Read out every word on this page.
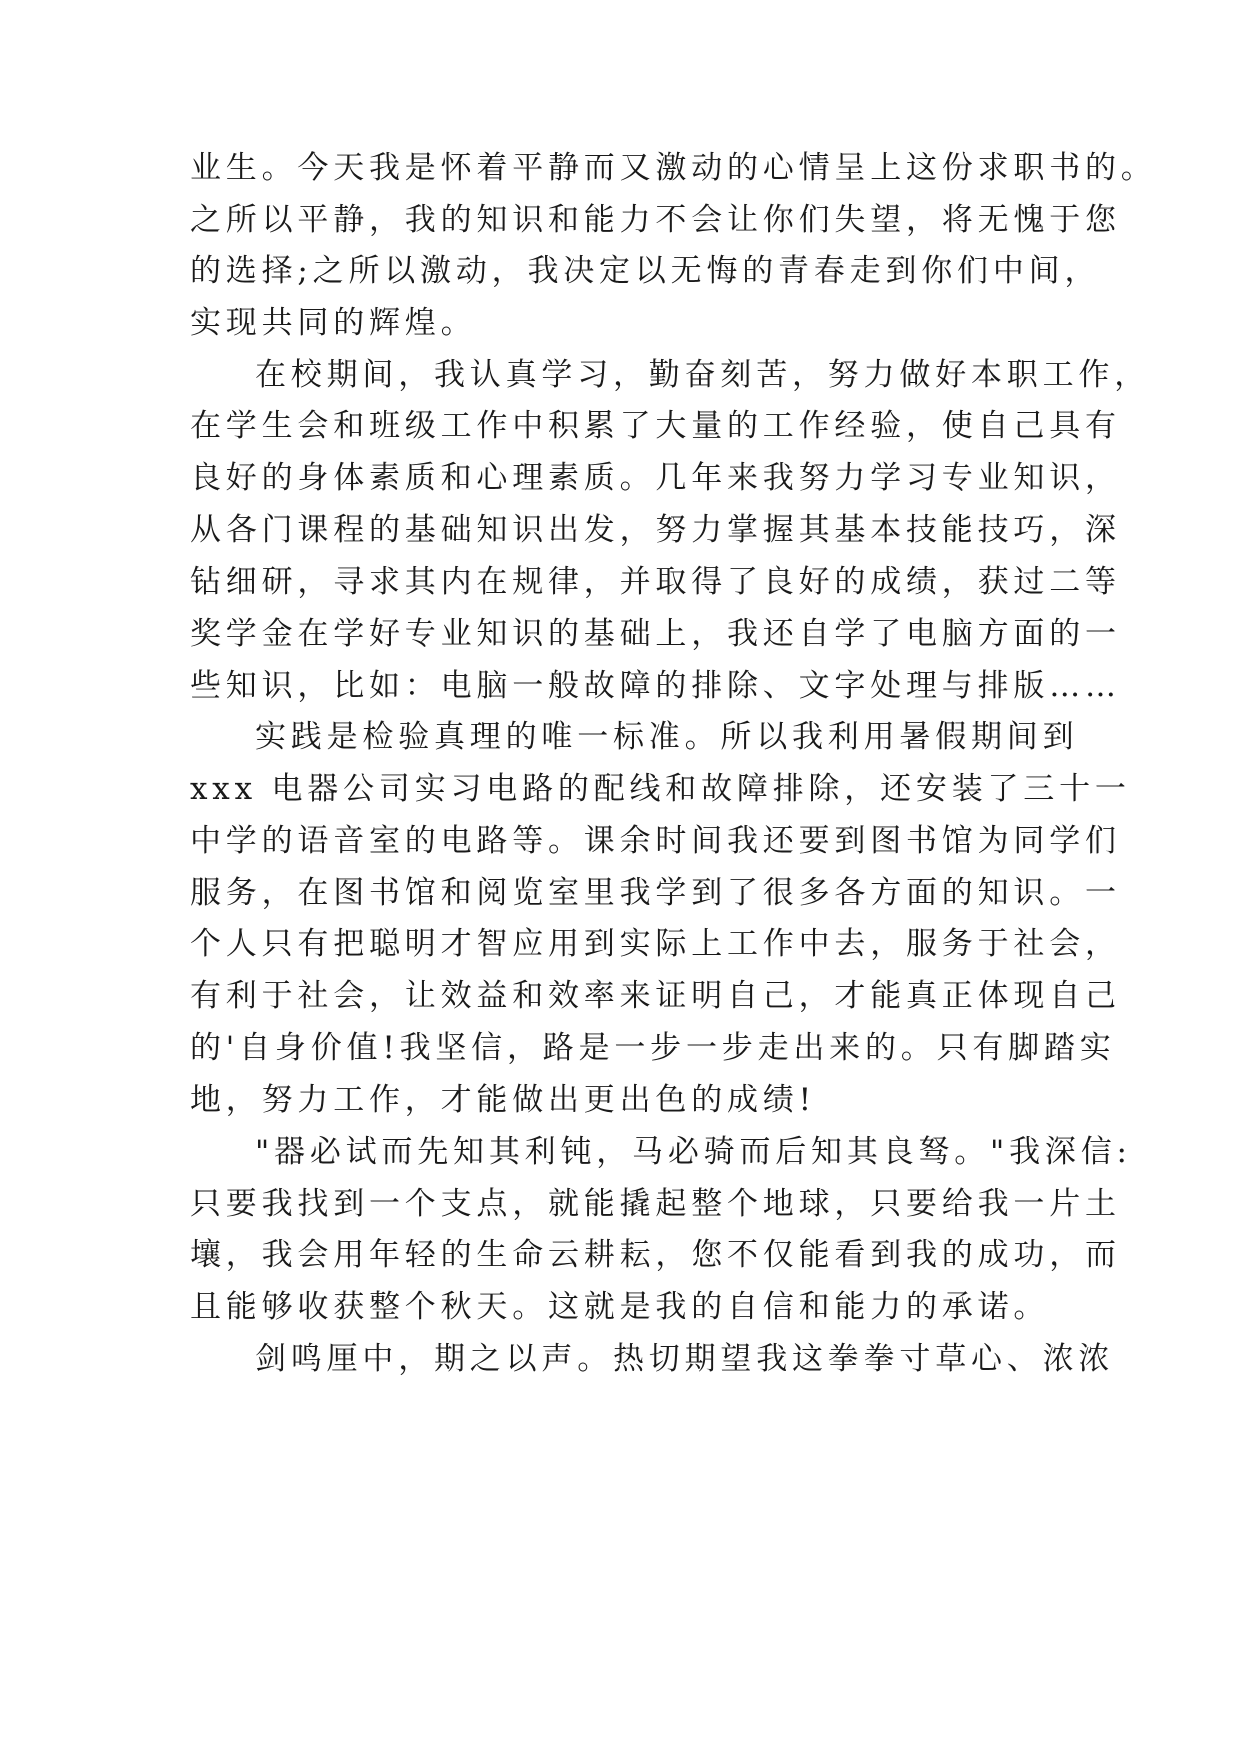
业生。今天我是怀着平静而又激动的心情呈上这份求职书的。
之所以平静，我的知识和能力不会让你们失望，将无愧于您
的选择;之所以激动，我决定以无悔的青春走到你们中间，
实现共同的辉煌。
在校期间，我认真学习，勤奋刻苦，努力做好本职工作，
在学生会和班级工作中积累了大量的工作经验，使自己具有
良好的身体素质和心理素质。几年来我努力学习专业知识，
从各门课程的基础知识出发，努力掌握其基本技能技巧，深
钻细研，寻求其内在规律，并取得了良好的成绩，获过二等
奖学金在学好专业知识的基础上，我还自学了电脑方面的一
些知识，比如：电脑一般故障的排除、文字处理与排版……
实践是检验真理的唯一标准。所以我利用暑假期间到
xxx 电器公司实习电路的配线和故障排除，还安装了三十一
中学的语音室的电路等。课余时间我还要到图书馆为同学们
服务，在图书馆和阅览室里我学到了很多各方面的知识。一
个人只有把聪明才智应用到实际上工作中去，服务于社会，
有利于社会，让效益和效率来证明自己，才能真正体现自己
的'自身价值!我坚信，路是一步一步走出来的。只有脚踏实
地，努力工作，才能做出更出色的成绩!
"器必试而先知其利钝，马必骑而后知其良驽。"我深信:
只要我找到一个支点，就能撬起整个地球，只要给我一片土
壤，我会用年轻的生命云耕耘，您不仅能看到我的成功，而
且能够收获整个秋天。这就是我的自信和能力的承诺。
剑鸣厘中，期之以声。热切期望我这拳拳寸草心、浓浓
